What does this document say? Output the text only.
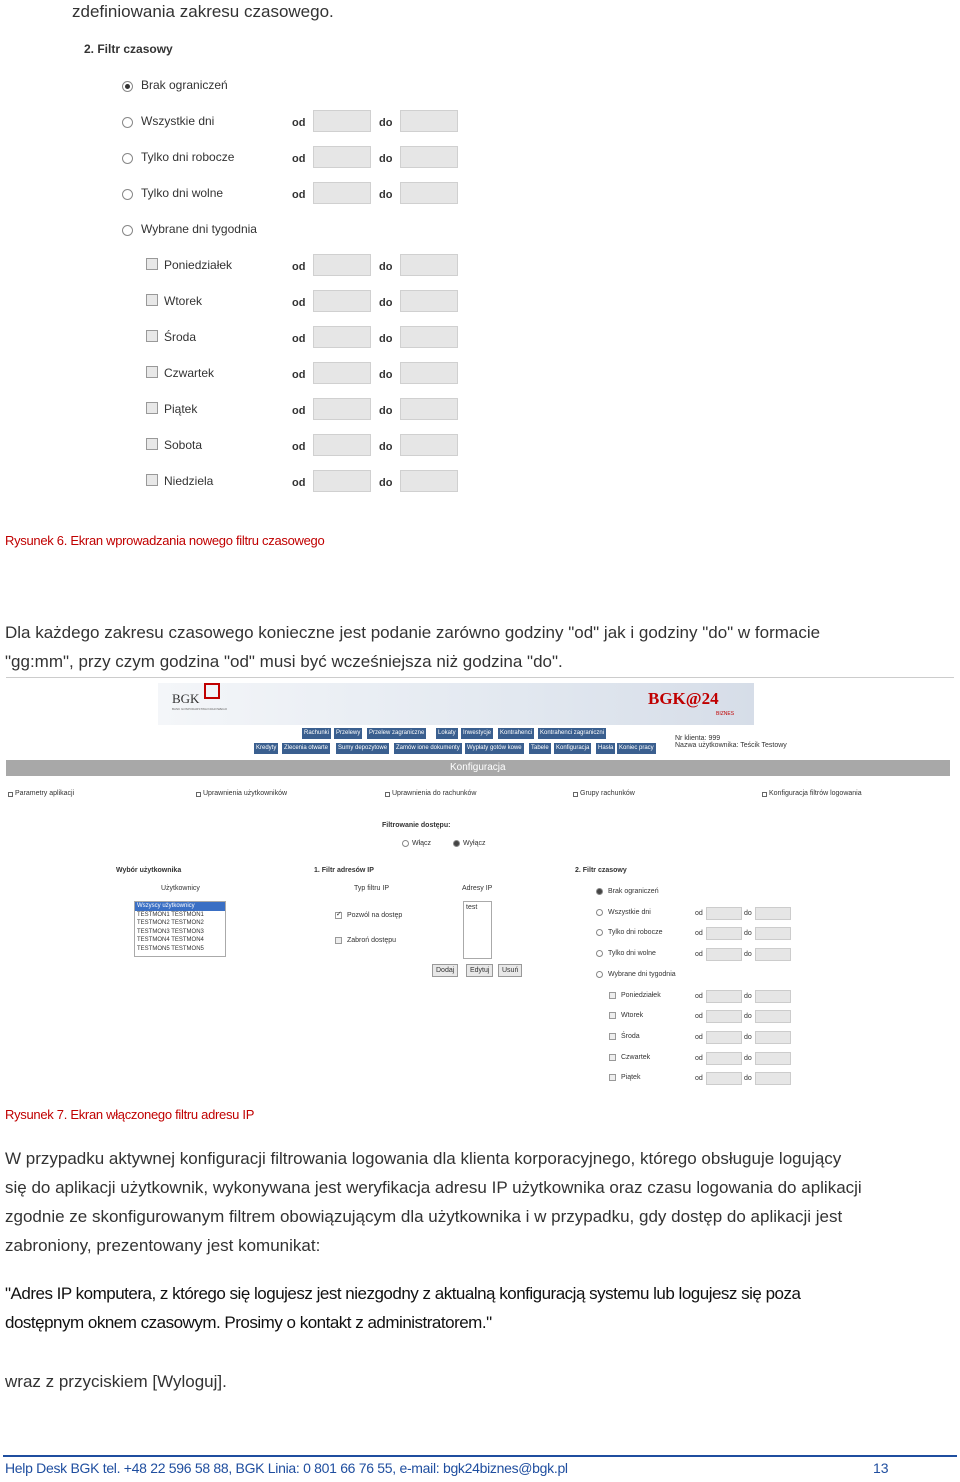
zdefiniowania zakresu czasowego.
2. Filtr czasowy
Brak ograniczeń
Wszystkie dni	od	do
Tylko dni robocze	od	do
Tylko dni wolne	od	do
Wybrane dni tygodnia
Poniedziałek	od	do
Wtorek	od	do
Środa	od	do
Czwartek	od	do
Piątek	od	do
Sobota	od	do
Niedziela	od	do
Rysunek 6. Ekran wprowadzania nowego filtru czasowego
Dla każdego zakresu czasowego konieczne jest podanie zarówno godziny "od" jak i godziny "do" w formacie
"gg:mm", przy czym godzina "od" musi być wcześniejsza niż godzina "do".
BGK
BANK GOSPODARSTWA KRAJOWEGO
BGK@24
BIZNES
Rachunki	Przelewy	Przelew zagraniczne	Lokaty	Inwestycje	Kontrahenci	Kontrahenci zagraniczni
Kredyty	Zlecenia otwarte	Sumy depozytowe	Zamów ione dokumenty	Wypłaty gotów kowe	Tabele	Konfiguracja	Hasła Koniec pracy
Nr klienta: 999
Nazwa użytkownika: Teścik Testowy
Konfiguracja
Parametry aplikacji	Uprawnienia użytkowników	Uprawnienia do rachunków	Grupy rachunków	Konfiguracja filtrów logowania
Filtrowanie dostępu:
Włącz	Wyłącz
Wybór użytkownika
Użytkownicy
Wszyscy użytkownicy
TESTMON1 TESTMON1
TESTMON2 TESTMON2
TESTMON3 TESTMON3
TESTMON4 TESTMON4
TESTMON5 TESTMON5
1. Filtr adresów IP
Typ filtru IP	Adresy IP
✓ Pozwól na dostęp
Zabroń dostępu
test
Dodaj	Edytuj	Usuń
2. Filtr czasowy
Brak ograniczeń
Wszystkie dni	od	do
Tylko dni robocze	od	do
Tylko dni wolne	od	do
Wybrane dni tygodnia
Poniedziałek	od	do
Wtorek	od	do
Środa	od	do
Czwartek	od	do
Piątek	od	do
Rysunek 7. Ekran włączonego filtru adresu IP
W przypadku aktywnej konfiguracji filtrowania logowania dla klienta korporacyjnego, którego obsługuje logujący
się do aplikacji użytkownik, wykonywana jest weryfikacja adresu IP użytkownika oraz czasu logowania do aplikacji
zgodnie ze skonfigurowanym filtrem obowiązującym dla użytkownika i w przypadku, gdy dostęp do aplikacji jest
zabroniony, prezentowany jest komunikat:
"Adres IP komputera, z którego się logujesz jest niezgodny z aktualną konfiguracją systemu lub logujesz się poza
dostępnym oknem czasowym. Prosimy o kontakt z administratorem."
wraz z przyciskiem [Wyloguj].
Help Desk BGK tel. +48 22 596 58 88, BGK Linia: 0 801 66 76 55, e-mail: bgk24biznes@bgk.pl	13
